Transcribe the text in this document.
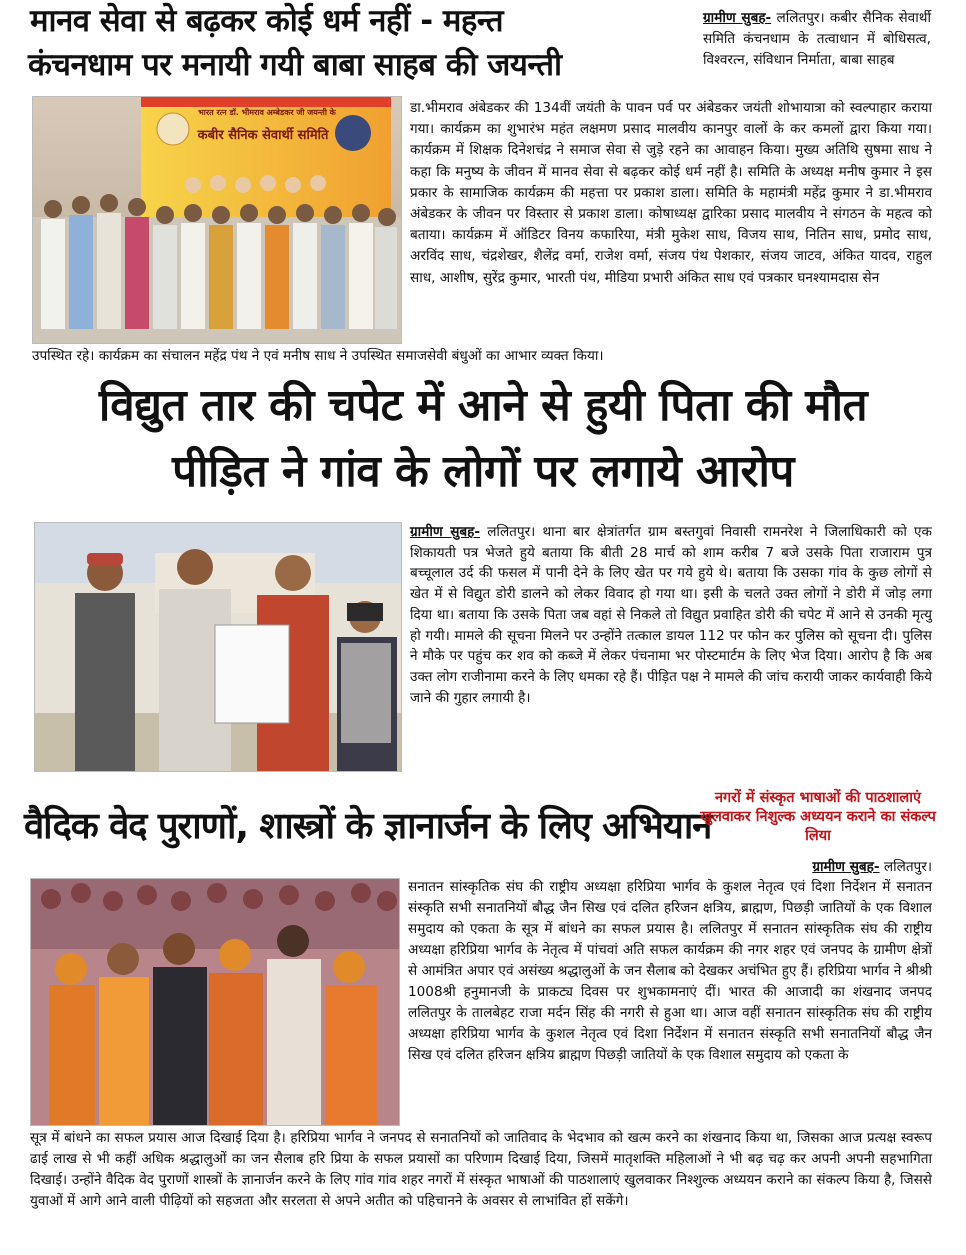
मानव सेवा से बढ़कर कोई धर्म नहीं - महन्त
कंचनधाम पर मनायी गयी बाबा साहब की जयन्ती
ग्रामीण सुबह- ललितपुर। कबीर सैनिक सेवार्थी समिति कंचनधाम के तत्वाधान में बोधिसत्व, विश्वरत्न, संविधान निर्माता, बाबा साहब
भारत रत्न डॉ. भीमराव अम्बेडकर जी जयन्ती के
कबीर सैनिक सेवार्थी समिति

डा.भीमराव अंबेडकर की 134वीं जयंती के पावन पर्व पर अंबेडकर जयंती शोभायात्रा को स्वल्पाहार कराया गया। कार्यक्रम का शुभारंभ महंत लक्षमण प्रसाद मालवीय कानपुर वालों के कर कमलों द्वारा किया गया। कार्यक्रम में शिक्षक दिनेशचंद्र ने समाज सेवा से जुड़े रहने का आवाहन किया। मुख्य अतिथि सुषमा साध ने कहा कि मनुष्य के जीवन में मानव सेवा से बढ़कर कोई धर्म नहीं है। समिति के अध्यक्ष मनीष कुमार ने इस प्रकार के सामाजिक कार्यक्रम की महत्ता पर प्रकाश डाला। समिति के महामंत्री महेंद्र कुमार ने डा.भीमराव अंबेडकर के जीवन पर विस्तार से प्रकाश डाला। कोषाध्यक्ष द्वारिका प्रसाद मालवीय ने संगठन के महत्व को बताया। कार्यक्रम में ऑडिटर विनय कफारिया, मंत्री मुकेश साध, विजय साथ, नितिन साध, प्रमोद साध, अरविंद साध, चंद्रशेखर, शैलेंद्र वर्मा, राजेश वर्मा, संजय पंथ पेशकार, संजय जाटव, अंकित यादव, राहुल साध, आशीष, सुरेंद्र कुमार, भारती पंथ, मीडिया प्रभारी अंकित साध एवं पत्रकार घनश्यामदास सेन

उपस्थित रहे। कार्यक्रम का संचालन महेंद्र पंथ ने एवं मनीष साध ने उपस्थित समाजसेवी बंधुओं का आभार व्यक्त किया।

विद्युत तार की चपेट में आने से हुयी पिता की मौत
पीड़ित ने गांव के लोगों पर लगाये आरोप

ग्रामीण सुबह- ललितपुर। थाना बार क्षेत्रांतर्गत ग्राम बस्तगुवां निवासी रामनरेश ने जिलाधिकारी को एक शिकायती पत्र भेजते हुये बताया कि बीती 28 मार्च को शाम करीब 7 बजे उसके पिता राजाराम पुत्र बच्चूलाल उर्द की फसल में पानी देने के लिए खेत पर गये हुये थे। बताया कि उसका गांव के कुछ लोगों से खेत में से विद्युत डोरी डालने को लेकर विवाद हो गया था। इसी के चलते उक्त लोगों ने डोरी में जोड़ लगा दिया था। बताया कि उसके पिता जब वहां से निकले तो विद्युत प्रवाहित डोरी की चपेट में आने से उनकी मृत्यु हो गयी। मामले की सूचना मिलने पर उन्होंने तत्काल डायल 112 पर फोन कर पुलिस को सूचना दी। पुलिस ने मौके पर पहुंच कर शव को कब्जे में लेकर पंचनामा भर पोस्टमार्टम के लिए भेज दिया। आरोप है कि अब उक्त लोग राजीनामा करने के लिए धमका रहे हैं। पीड़ित पक्ष ने मामले की जांच करायी जाकर कार्यवाही किये जाने की गुहार लगायी है।

वैदिक वेद पुराणों, शास्त्रों के ज्ञानार्जन के लिए अभियान
नगरों में संस्कृत भाषाओं की पाठशालाएं खुलवाकर निशुल्क अध्ययन कराने का संकल्प लिया
ग्रामीण सुबह- ललितपुर।

सनातन सांस्कृतिक संघ की राष्ट्रीय अध्यक्षा हरिप्रिया भार्गव के कुशल नेतृत्व एवं दिशा निर्देशन में सनातन संस्कृति सभी सनातनियों बौद्ध जैन सिख एवं दलित हरिजन क्षत्रिय, ब्राह्मण, पिछड़ी जातियों के एक विशाल समुदाय को एकता के सूत्र में बांधने का सफल प्रयास है। ललितपुर में सनातन सांस्कृतिक संघ की राष्ट्रीय अध्यक्षा हरिप्रिया भार्गव के नेतृत्व में पांचवां अति सफल कार्यक्रम की नगर शहर एवं जनपद के ग्रामीण क्षेत्रों से आमंत्रित अपार एवं असंख्य श्रद्धालुओं के जन सैलाब को देखकर अचंभित हुए हैं। हरिप्रिया भार्गव ने श्रीश्री 1008श्री हनुमानजी के प्राकट्य दिवस पर शुभकामनाएं दीं। भारत की आजादी का शंखनाद जनपद ललितपुर के तालबेहट राजा मर्दन सिंह की नगरी से हुआ था। आज वहीं सनातन सांस्कृतिक संघ की राष्ट्रीय अध्यक्षा हरिप्रिया भार्गव के कुशल नेतृत्व एवं दिशा निर्देशन में सनातन संस्कृति सभी सनातनियों बौद्ध जैन सिख एवं दलित हरिजन क्षत्रिय ब्राह्मण पिछड़ी जातियों के एक विशाल समुदाय को एकता के

सूत्र में बांधने का सफल प्रयास आज दिखाई दिया है। हरिप्रिया भार्गव ने जनपद से सनातनियों को जातिवाद के भेदभाव को खत्म करने का शंखनाद किया था, जिसका आज प्रत्यक्ष स्वरूप ढाई लाख से भी कहीं अधिक श्रद्धालुओं का जन सैलाब हरि प्रिया के सफल प्रयासों का परिणाम दिखाई दिया, जिसमें मातृशक्ति महिलाओं ने भी बढ़ चढ़ कर अपनी अपनी सहभागिता दिखाई। उन्होंने वैदिक वेद पुराणों शास्त्रों के ज्ञानार्जन करने के लिए गांव गांव शहर नगरों में संस्कृत भाषाओं की पाठशालाएं खुलवाकर निश्शुल्क अध्ययन कराने का संकल्प किया है, जिससे युवाओं में आगे आने वाली पीढ़ियों को सहजता और सरलता से अपने अतीत को पहिचानने के अवसर से लाभांवित हों सकेंगे।
